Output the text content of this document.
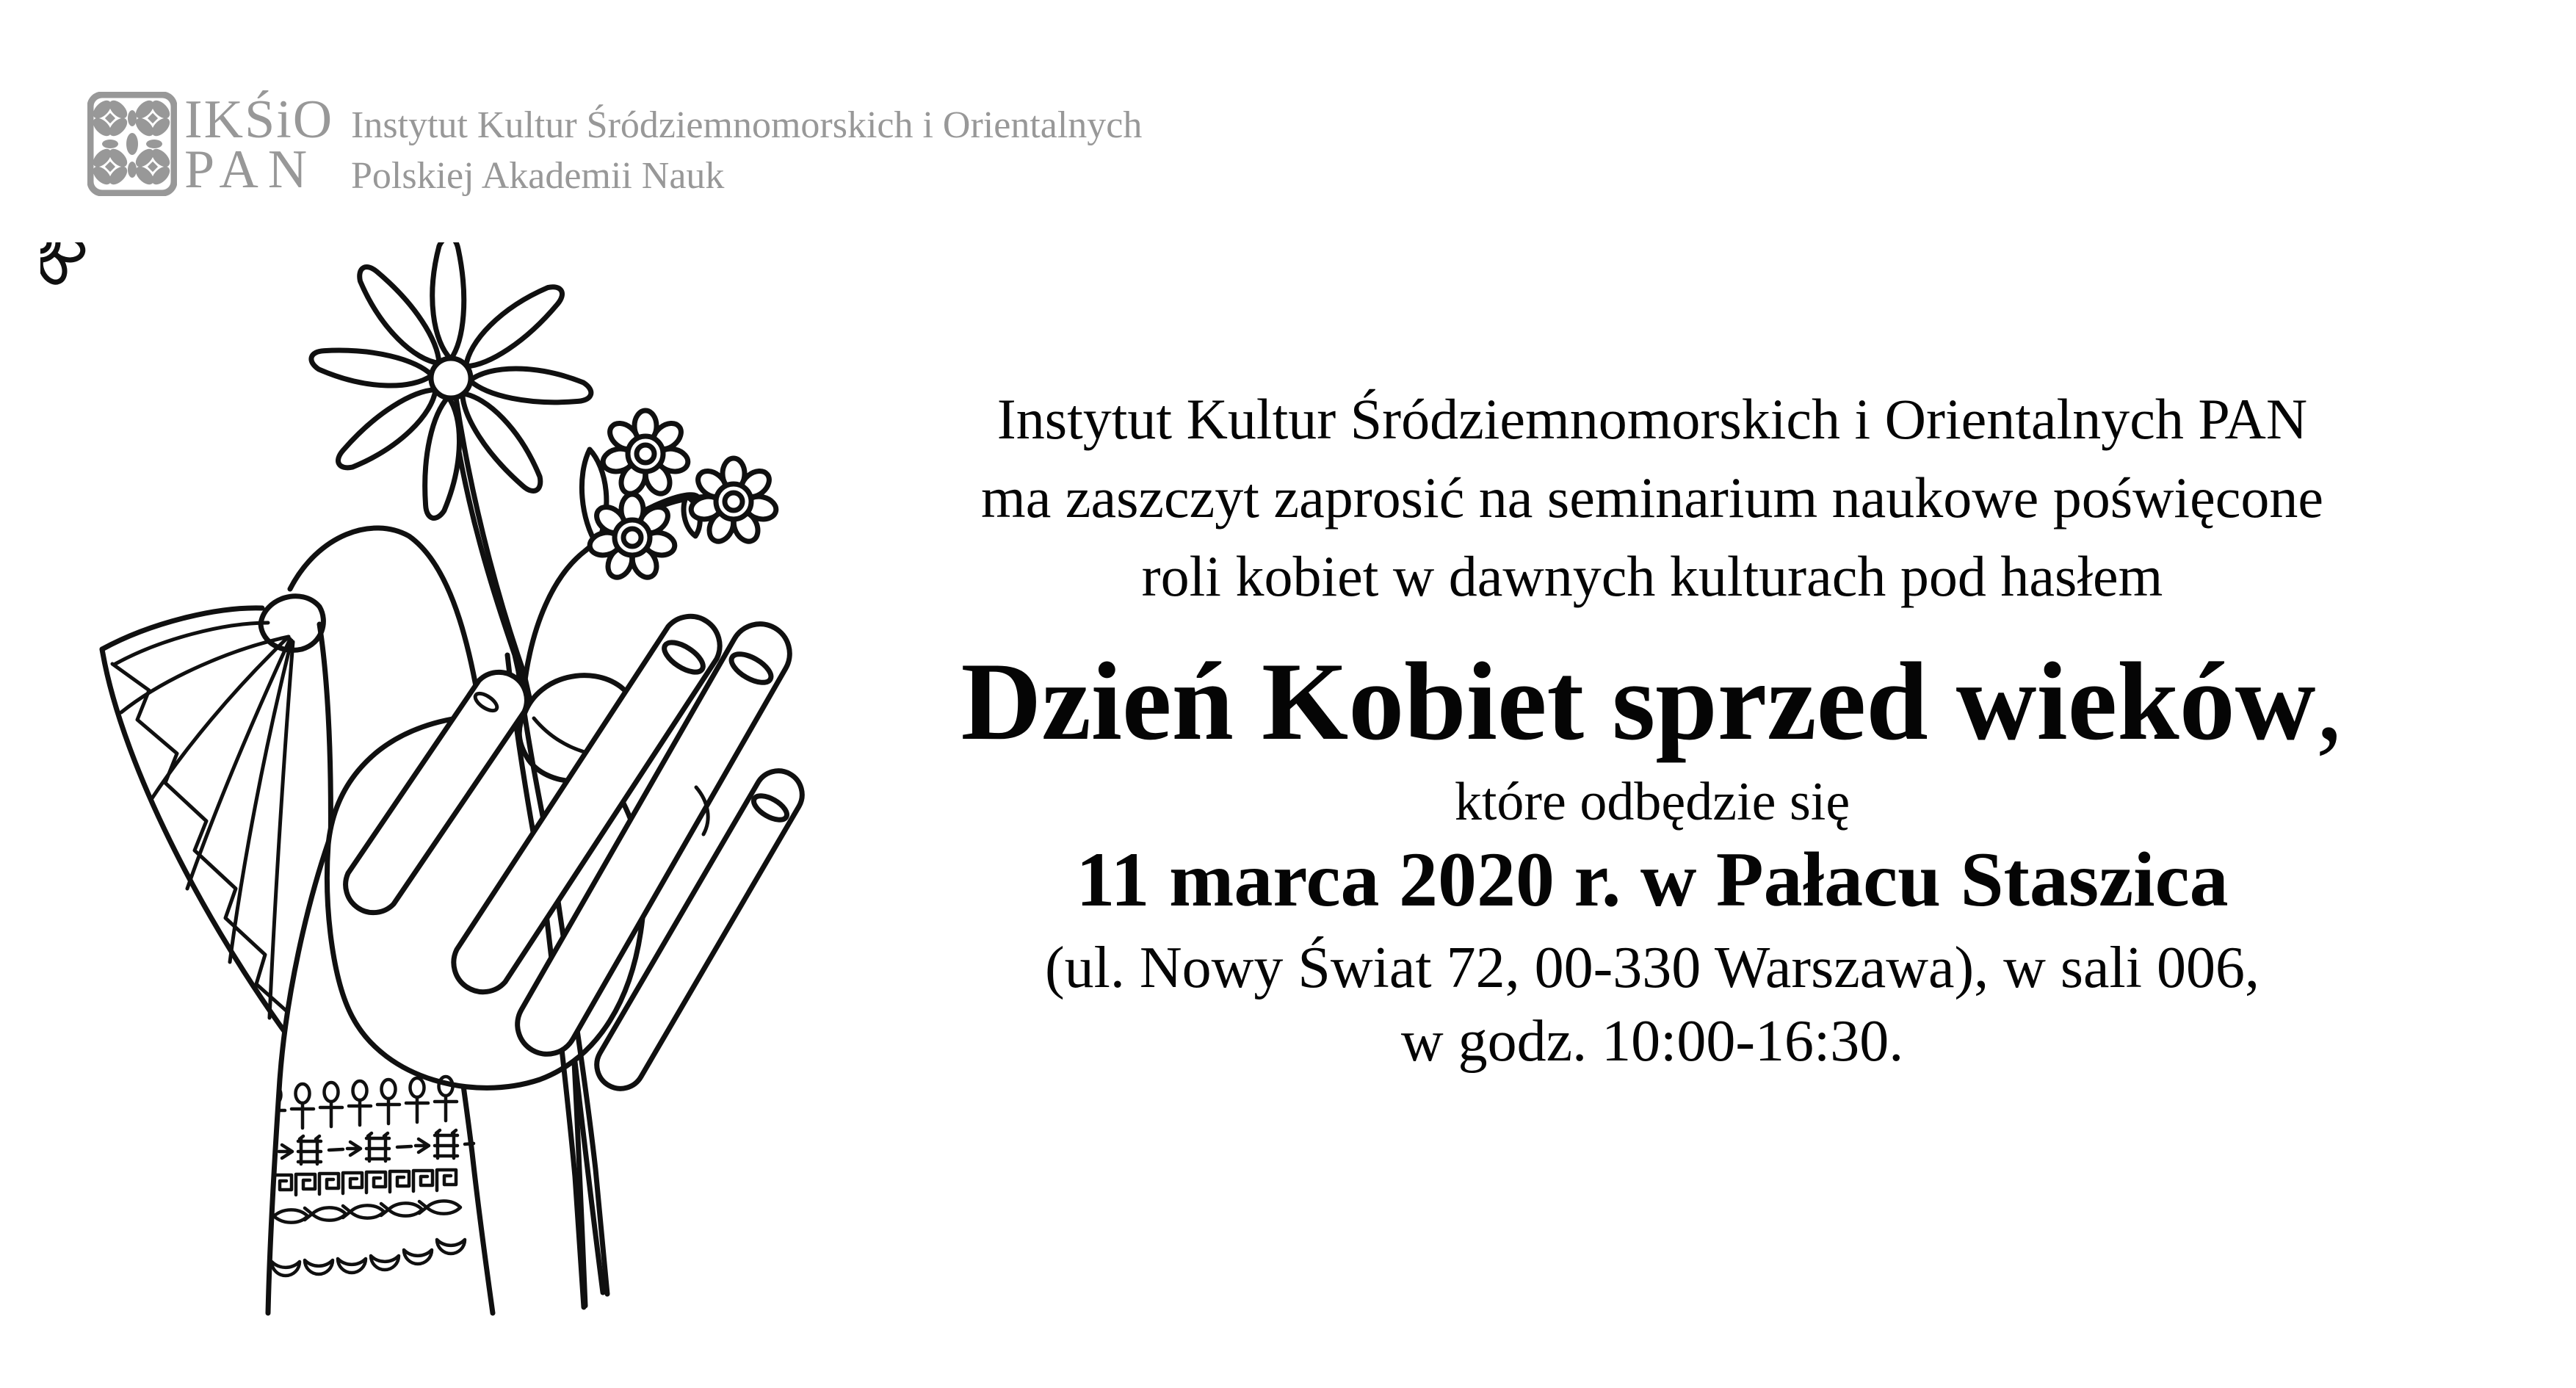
IKŚiO
PAN
Instytut Kultur Śródziemnomorskich i Orientalnych
Polskiej Akademii Nauk
Instytut Kultur Śródziemnomorskich i Orientalnych PAN
ma zaszczyt zaprosić na seminarium naukowe poświęcone
roli kobiet w dawnych kulturach pod hasłem
Dzień Kobiet sprzed wieków,
które odbędzie się
11 marca 2020 r. w Pałacu Staszica
(ul. Nowy Świat 72, 00-330 Warszawa), w sali 006,
w godz. 10:00-16:30.
